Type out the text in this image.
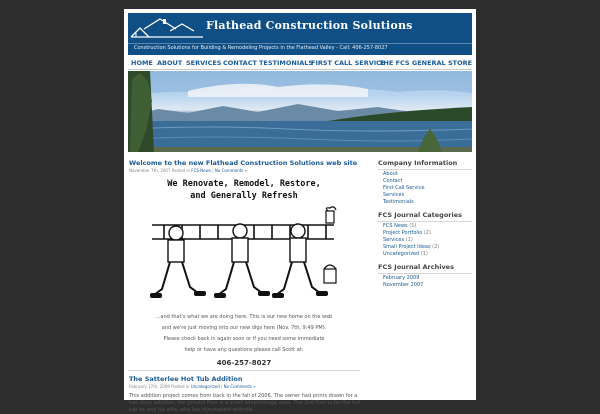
Flathead Construction Solutions
Construction Solutions for Building & Remodeling Projects in the Flathead Valley - Call: 406-257-8027
HOME ABOUT SERVICES CONTACT TESTIMONIALS
FIRST CALL SERVICE
THE FCS GENERAL STORE
Welcome to the new Flathead Construction Solutions web site
November 7th, 2007 Posted in FCS News | No Comments »
We Renovate, Remodel, Restore,
and Generally Refresh
...and that's what we are doing here. This is our new home on the web
and we're just moving into our new digs here (Nov. 7th, 9:49 PM).
Please check back in again soon or if you need some immediate
help or have any questions please call Scott at:
406-257-8027
The Satterlee Hot Tub Addition
February 17th, 2009 Posted in Uncategorized | No Comments »
This addition project comes from back in the fall of 2006. The owner had prints drawn for a two story addition, the ground floor is a small shop/storage area. The 2nd floor is for the hot tub he and his wife, who has rheumatoid arthritis.
Company Information
About
Contact
First Call Service
Services
Testimonials
FCS Journal Categories
FCS News (1)
Project Portfolio (2)
Services (1)
Small Project Ideas (2)
Uncategorized (1)
FCS Journal Archives
February 2009
November 2007
